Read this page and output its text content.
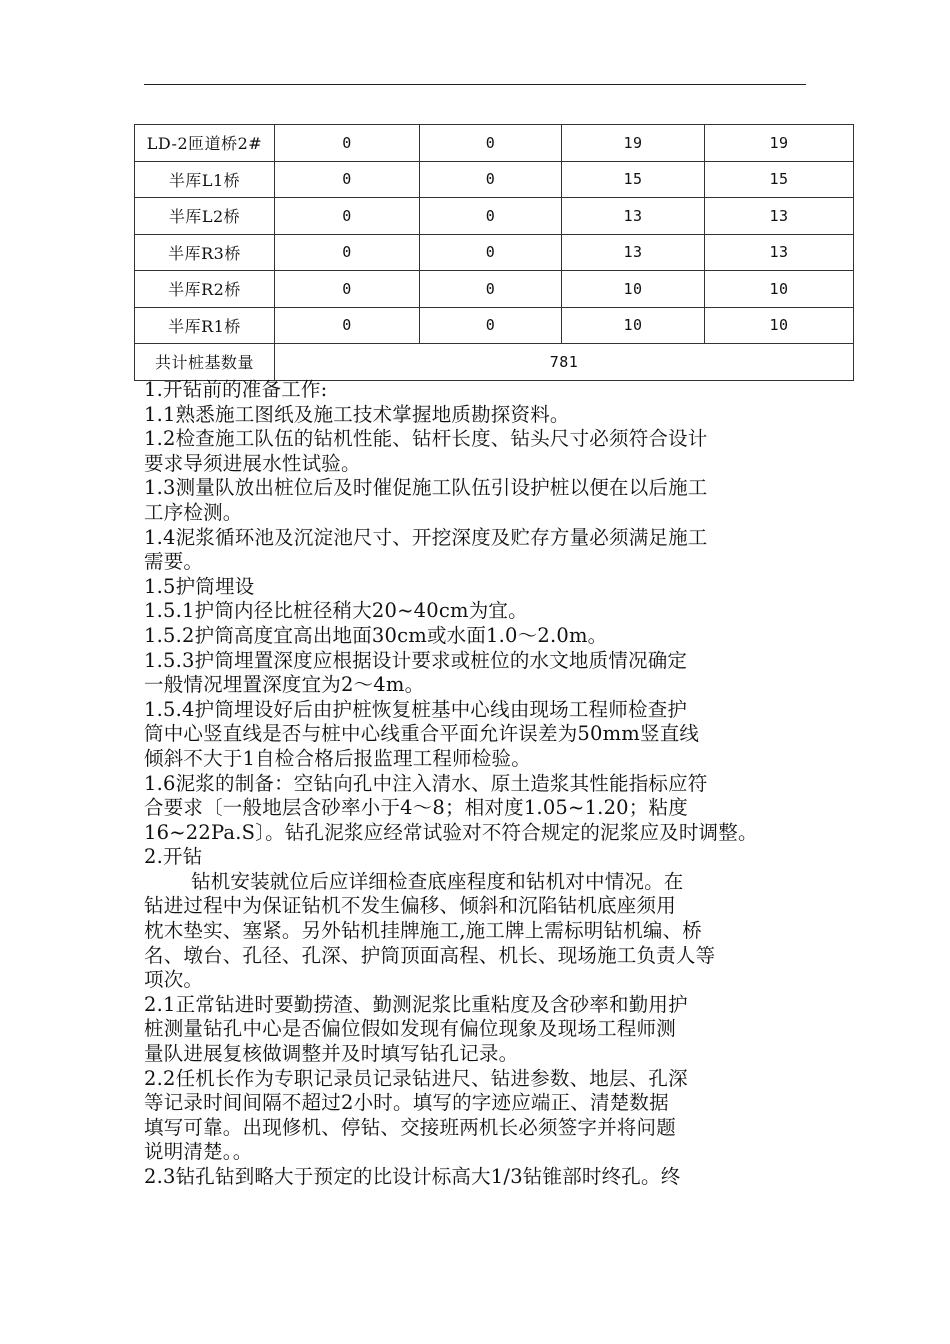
LD-2匝道桥2#	0	0	19	19
半厍L1桥	0	0	15	15
半厍L2桥	0	0	13	13
半厍R3桥	0	0	13	13
半厍R2桥	0	0	10	10
半厍R1桥	0	0	10	10
共计桩基数量	781			

1.开钻前的准备工作:

1.1熟悉施工图纸及施工技术掌握地质勘探资料。

1.2检查施工队伍的钻机性能、钻杆长度、钻头尺寸必须符合设计

要求导须进展水性试验。

1.3测量队放出桩位后及时催促施工队伍引设护桩以便在以后施工

工序检测。

1.4泥浆循环池及沉淀池尺寸、开挖深度及贮存方量必须满足施工

需要。

1.5护筒埋设

1.5.1护筒内径比桩径稍大20~40cm为宜。

1.5.2护筒高度宜高出地面30cm或水面1.0～2.0m。

1.5.3护筒埋置深度应根据设计要求或桩位的水文地质情况确定

一般情况埋置深度宜为2～4m。

1.5.4护筒埋设好后由护桩恢复桩基中心线由现场工程师检查护

筒中心竖直线是否与桩中心线重合平面允许误差为50mm竖直线

倾斜不大于1自检合格后报监理工程师检验。

1.6泥浆的制备：空钻向孔中注入清水、原土造浆其性能指标应符

合要求〔一般地层含砂率小于4～8；相对度1.05~1.20；粘度

16~22Pa.S〕。钻孔泥浆应经常试验对不符合规定的泥浆应及时调整。

2.开钻

钻机安装就位后应详细检查底座程度和钻机对中情况。在

钻进过程中为保证钻机不发生偏移、倾斜和沉陷钻机底座须用

枕木垫实、塞紧。另外钻机挂牌施工,施工牌上需标明钻机编、桥

名、墩台、孔径、孔深、护筒顶面高程、机长、现场施工负责人等

项次。

2.1正常钻进时要勤捞渣、勤测泥浆比重粘度及含砂率和勤用护

桩测量钻孔中心是否偏位假如发现有偏位现象及现场工程师测

量队进展复核做调整并及时填写钻孔记录。

2.2任机长作为专职记录员记录钻进尺、钻进参数、地层、孔深

等记录时间间隔不超过2小时。填写的字迹应端正、清楚数据

填写可靠。出现修机、停钻、交接班两机长必须签字并将问题

说明清楚。。

2.3钻孔钻到略大于预定的比设计标高大1/3钻锥部时终孔。终
